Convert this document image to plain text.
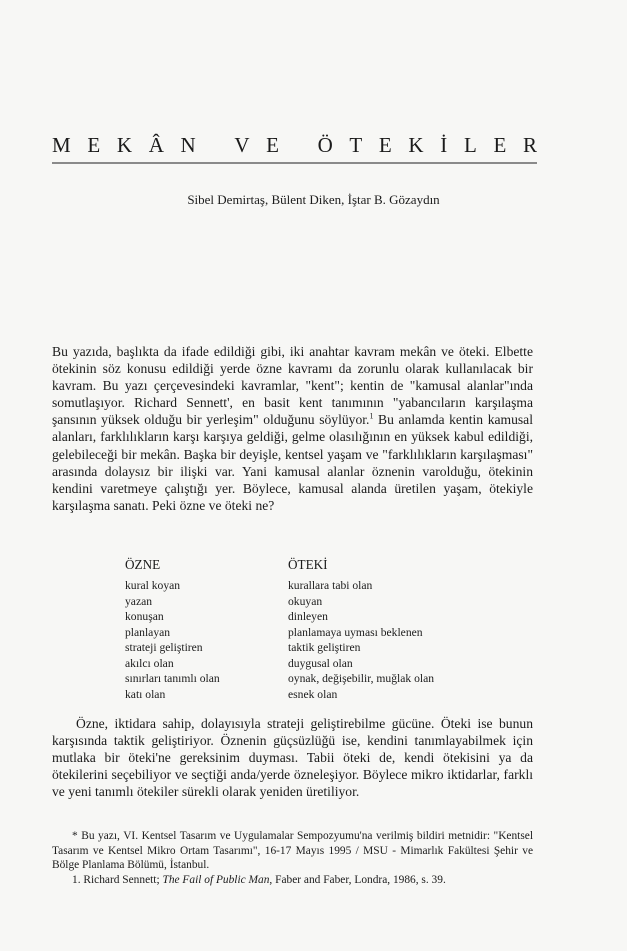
M E K Â N
V E
Ö T E K İ L E R
Sibel Demirtaş, Bülent Diken, İştar B. Gözaydın

Bu yazıda, başlıkta da ifade edildiği gibi, iki anahtar kavram mekân ve öteki. Elbette ötekinin söz konusu edildiği yerde özne kavramı da zorunlu olarak kullanılacak bir kavram. Bu yazı çerçevesindeki kavramlar, "kent"; kentin de "kamusal alanlar"ında somutlaşıyor. Richard Sennett', en basit kent tanımının "yabancıların karşılaşma şansının yüksek olduğu bir yerleşim" olduğunu söylüyor.$^1$ Bu anlamda kentin kamusal alanları, farklılıkların karşı karşıya geldiği, gelme olasılığının en yüksek kabul edildiği, gelebileceği bir mekân. Başka bir deyişle, kentsel yaşam ve "farklılıkların karşılaşması" arasında dolaysız bir ilişki var. Yani kamusal alanlar öznenin varolduğu, ötekinin kendini varetmeye çalıştığı yer. Böylece, kamusal alanda üretilen yaşam, ötekiyle karşılaşma sanatı. Peki özne ve öteki ne?

ÖZNE
kural koyan
yazan
konuşan
planlayan
strateji geliştiren
akılcı olan
sınırları tanımlı olan
katı olan
ÖTEKİ
kurallara tabi olan
okuyan
dinleyen
planlamaya uyması beklenen
taktik geliştiren
duygusal olan
oynak, değişebilir, muğlak olan
esnek olan

Özne, iktidara sahip, dolayısıyla strateji geliştirebilme gücüne. Öteki ise bunun karşısında taktik geliştiriyor. Öznenin güçsüzlüğü ise, kendini tanımlayabilmek için mutlaka bir öteki'ne gereksinim duyması. Tabii öteki de, kendi ötekisini ya da ötekilerini seçebiliyor ve seçtiği anda/yerde özneleşiyor. Böylece mikro iktidarlar, farklı ve yeni tanımlı ötekiler sürekli olarak yeniden üretiliyor.

* Bu yazı, VI. Kentsel Tasarım ve Uygulamalar Sempozyumu'na verilmiş bildiri metnidir: "Kentsel Tasarım ve Kentsel Mikro Ortam Tasarımı", 16-17 Mayıs 1995 / MSU - Mimarlık Fakültesi Şehir ve Bölge Planlama Bölümü, İstanbul.

1. Richard Sennett; The Fail of Public Man, Faber and Faber, Londra, 1986, s. 39.
